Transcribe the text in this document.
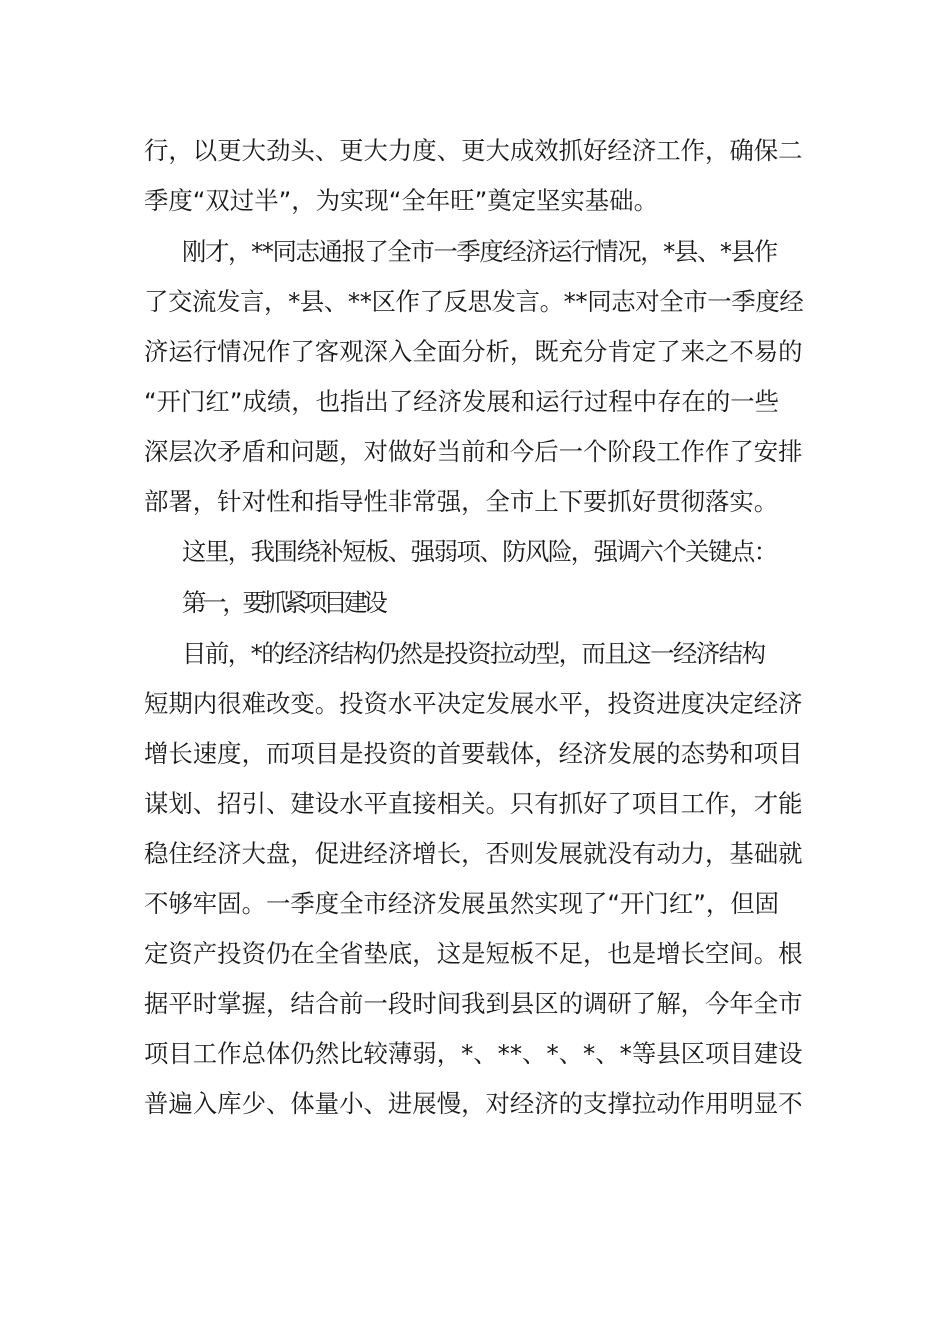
行，以更大劲头、更大力度、更大成效抓好经济工作，确保二
季度“双过半”，为实现“全年旺”奠定坚实基础。
刚才，**同志通报了全市一季度经济运行情况，*县、*县作
了交流发言，*县、**区作了反思发言。**同志对全市一季度经
济运行情况作了客观深入全面分析，既充分肯定了来之不易的
“开门红”成绩，也指出了经济发展和运行过程中存在的一些
深层次矛盾和问题，对做好当前和今后一个阶段工作作了安排
部署，针对性和指导性非常强，全市上下要抓好贯彻落实。
这里，我围绕补短板、强弱项、防风险，强调六个关键点：
第一，要抓紧项目建设
目前，*的经济结构仍然是投资拉动型，而且这一经济结构
短期内很难改变。投资水平决定发展水平，投资进度决定经济
增长速度，而项目是投资的首要载体，经济发展的态势和项目
谋划、招引、建设水平直接相关。只有抓好了项目工作，才能
稳住经济大盘，促进经济增长，否则发展就没有动力，基础就
不够牢固。一季度全市经济发展虽然实现了“开门红”，但固
定资产投资仍在全省垫底，这是短板不足，也是增长空间。根
据平时掌握，结合前一段时间我到县区的调研了解，今年全市
项目工作总体仍然比较薄弱，*、**、*、*、*等县区项目建设
普遍入库少、体量小、进展慢，对经济的支撑拉动作用明显不
